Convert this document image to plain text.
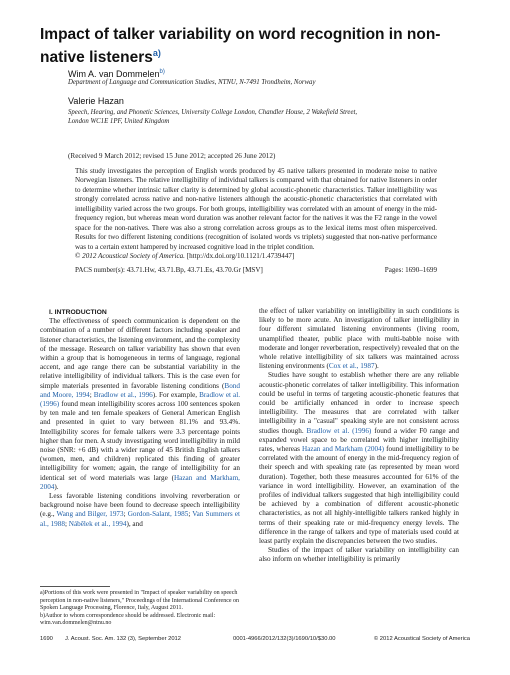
Impact of talker variability on word recognition in non-native listeners$^{a)}$
Wim A. van Dommelen$^{b)}$
Department of Language and Communication Studies, NTNU, N-7491 Trondheim, Norway
Valerie Hazan
Speech, Hearing, and Phonetic Sciences, University College London, Chandler House, 2 Wakefield Street,
London WC1E 1PF, United Kingdom
(Received 9 March 2012; revised 15 June 2012; accepted 26 June 2012)

This study investigates the perception of English words produced by 45 native talkers presented in moderate noise to native Norwegian listeners. The relative intelligibility of individual talkers is compared with that obtained for native listeners in order to determine whether intrinsic talker clarity is determined by global acoustic-phonetic characteristics. Talker intelligibility was strongly correlated across native and non-native listeners although the acoustic-phonetic characteristics that correlated with intelligibility varied across the two groups. For both groups, intelligibility was correlated with an amount of energy in the mid-frequency region, but whereas mean word duration was another relevant factor for the natives it was the F2 range in the vowel space for the non-natives. There was also a strong correlation across groups as to the lexical items most often misperceived. Results for two different listening conditions (recognition of isolated words vs triplets) suggested that non-native performance was to a certain extent hampered by increased cognitive load in the triplet condition.
© 2012 Acoustical Society of America. [http://dx.doi.org/10.1121/1.4739447]

PACS number(s): 43.71.Hw, 43.71.Bp, 43.71.Es, 43.70.Gr [MSV]	Pages: 1690–1699

I. INTRODUCTION

The effectiveness of speech communication is dependent on the combination of a number of different factors including speaker and listener characteristics, the listening environment, and the complexity of the message. Research on talker variability has shown that even within a group that is homogeneous in terms of language, regional accent, and age range there can be substantial variability in the relative intelligibility of individual talkers. This is the case even for simple materials presented in favorable listening conditions (Bond and Moore, 1994; Bradlow et al., 1996). For example, Bradlow et al. (1996) found mean intelligibility scores across 100 sentences spoken by ten male and ten female speakers of General American English and presented in quiet to vary between 81.1% and 93.4%. Intelligibility scores for female talkers were 3.3 percentage points higher than for men. A study investigating word intelligibility in mild noise (SNR: +6 dB) with a wider range of 45 British English talkers (women, men, and children) replicated this finding of greater intelligibility for women; again, the range of intelligibility for an identical set of word materials was large (Hazan and Markham, 2004).

Less favorable listening conditions involving reverberation or background noise have been found to decrease speech intelligibility (e.g., Wang and Bilger, 1973; Gordon-Salant, 1985; Van Summers et al., 1988; Nábělek et al., 1994), and

a)Portions of this work were presented in "Impact of speaker variability on speech perception in non-native listeners," Proceedings of the International Conference on Spoken Language Processing, Florence, Italy, August 2011.

b)Author to whom correspondence should be addressed. Electronic mail: wim.van.dommelen@ntnu.no

the effect of talker variability on intelligibility in such conditions is likely to be more acute. An investigation of talker intelligibility in four different simulated listening environments (living room, unamplified theater, public place with multi-babble noise with moderate and longer reverberation, respectively) revealed that on the whole relative intelligibility of six talkers was maintained across listening environments (Cox et al., 1987).

Studies have sought to establish whether there are any reliable acoustic-phonetic correlates of talker intelligibility. This information could be useful in terms of targeting acoustic-phonetic features that could be artificially enhanced in order to increase speech intelligibility. The measures that are correlated with talker intelligibility in a "casual" speaking style are not consistent across studies though. Bradlow et al. (1996) found a wider F0 range and expanded vowel space to be correlated with higher intelligibility rates, whereas Hazan and Markham (2004) found intelligibility to be correlated with the amount of energy in the mid-frequency region of their speech and with speaking rate (as represented by mean word duration). Together, both these measures accounted for 61% of the variance in word intelligibility. However, an examination of the profiles of individual talkers suggested that high intelligibility could be achieved by a combination of different acoustic-phonetic characteristics, as not all highly-intelligible talkers ranked highly in terms of their speaking rate or mid-frequency energy levels. The difference in the range of talkers and type of materials used could at least partly explain the discrepancies between the two studies.

Studies of the impact of talker variability on intelligibility can also inform on whether intelligibility is primarily

1690 J. Acoust. Soc. Am. 132 (3), September 2012	0001-4966/2012/132(3)/1690/10/$30.00	© 2012 Acoustical Society of America
